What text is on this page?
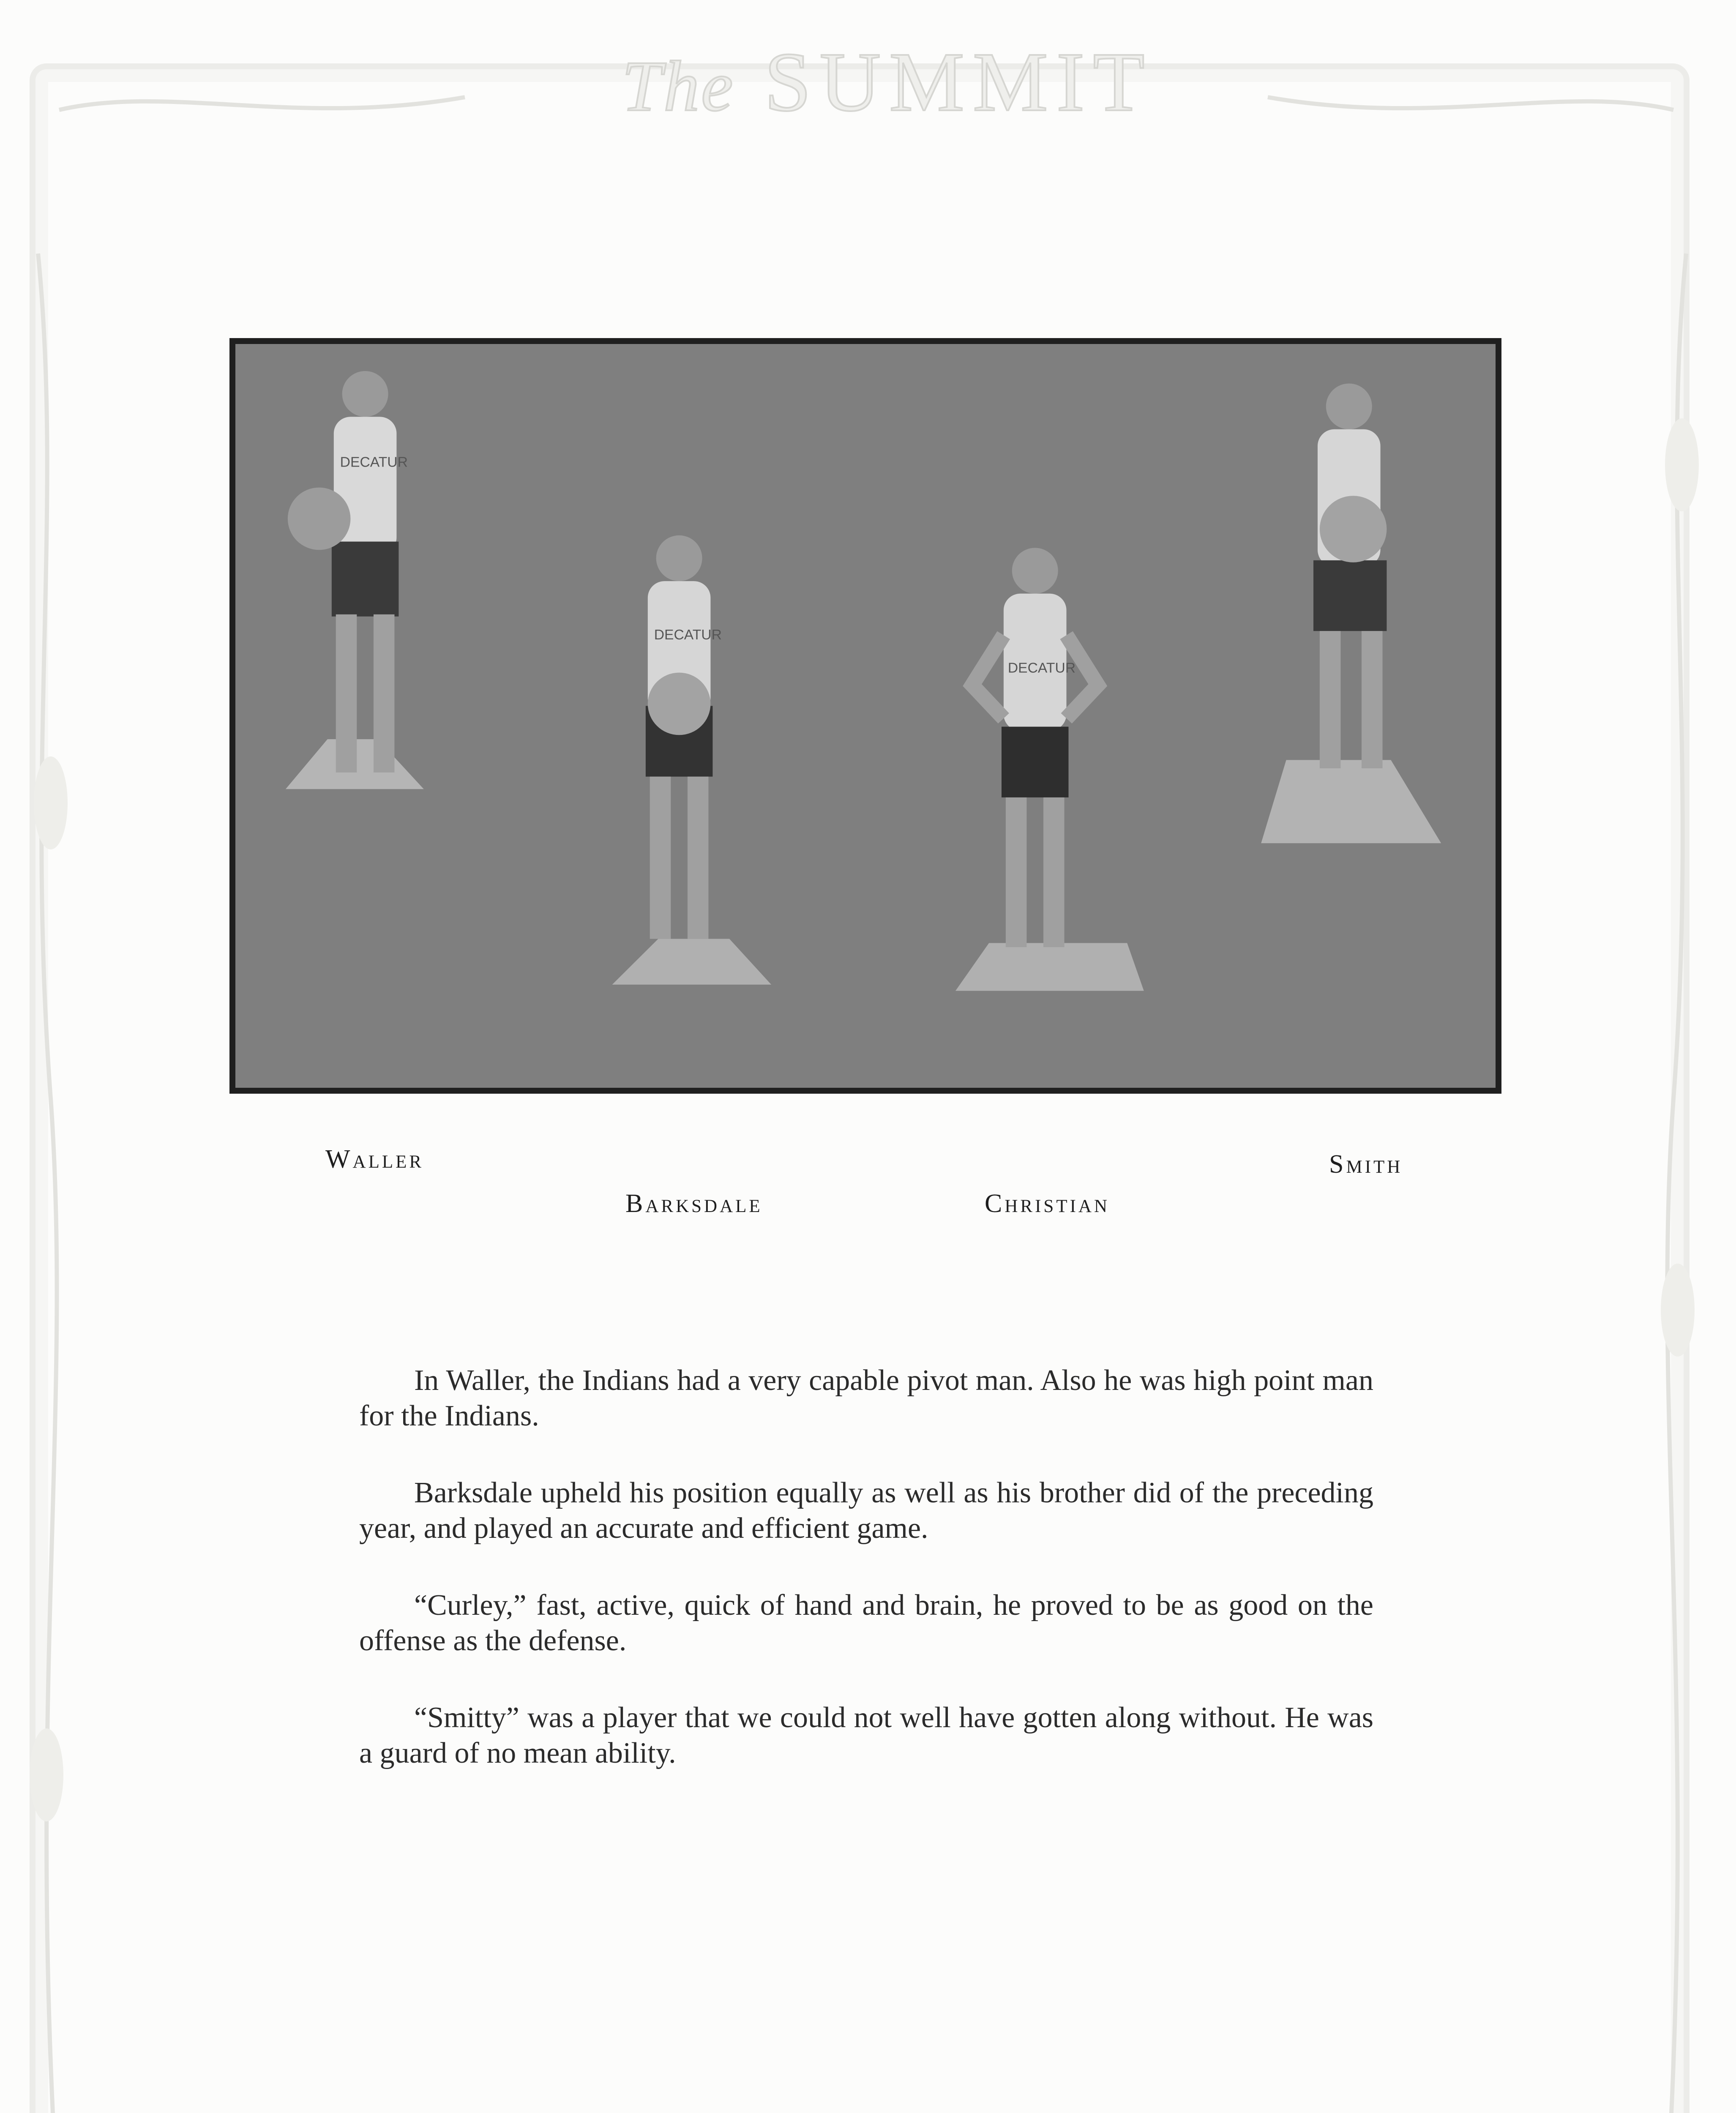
The SUMMIT
DECATUR
DECATUR
DECATUR
Waller
Barksdale	Christian
Smith

In Waller, the Indians had a very capable pivot man. Also he was high point man for the Indians.

Barksdale upheld his position equally as well as his brother did of the preceding year, and played an accurate and efficient game.

“Curley,” fast, active, quick of hand and brain, he proved to be as good on the offense as the defense.

“Smitty” was a player that we could not well have gotten along without. He was a guard of no mean ability.
